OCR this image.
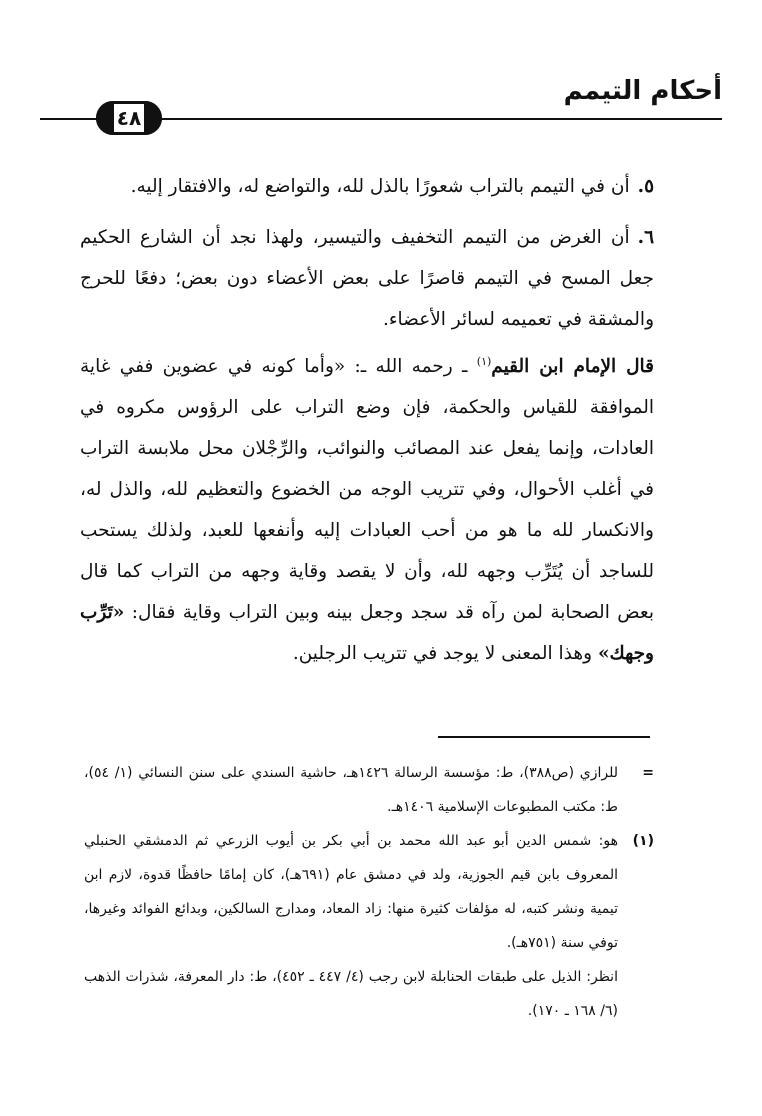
أحكام التيمم
٤٨

٥.أن في التيمم بالتراب شعورًا بالذل لله، والتواضع له، والافتقار إليه.

٦.أن الغرض من التيمم التخفيف والتيسير، ولهذا نجد أن الشارع الحكيم جعل المسح في التيمم قاصرًا على بعض الأعضاء دون بعض؛ دفعًا للحرج والمشقة في تعميمه لسائر الأعضاء.

قال الإمام ابن القيم$^{(١)}$ ـ رحمه الله ـ: «وأما كونه في عضوين ففي غاية الموافقة للقياس والحكمة، فإن وضع التراب على الرؤوس مكروه في العادات، وإنما يفعل عند المصائب والنوائب، والرِّجْلان محل ملابسة التراب في أغلب الأحوال، وفي تتريب الوجه من الخضوع والتعظيم لله، والذل له، والانكسار لله ما هو من أحب العبادات إليه وأنفعها للعبد، ولذلك يستحب للساجد أن يُتَرِّب وجهه لله، وأن لا يقصد وقاية وجهه من التراب كما قال بعض الصحابة لمن رآه قد سجد وجعل بينه وبين التراب وقاية فقال: «تَرِّب وجهك» وهذا المعنى لا يوجد في تتريب الرجلين.

=

للرازي (ص٣٨٨)، ط: مؤسسة الرسالة ١٤٢٦هـ، حاشية السندي على سنن النسائي (١/ ٥٤)، ط: مكتب المطبوعات الإسلامية ١٤٠٦هـ.

(١)

هو: شمس الدين أبو عبد الله محمد بن أبي بكر بن أيوب الزرعي ثم الدمشقي الحنبلي المعروف بابن قيم الجوزية، ولد في دمشق عام (٦٩١هـ)، كان إمامًا حافظًا قدوة، لازم ابن تيمية ونشر كتبه، له مؤلفات كثيرة منها: زاد المعاد، ومدارج السالكين، وبدائع الفوائد وغيرها، توفي سنة (٧٥١هـ).

انظر: الذيل على طبقات الحنابلة لابن رجب (٤/ ٤٤٧ ـ ٤٥٢)، ط: دار المعرفة، شذرات الذهب (٦/ ١٦٨ ـ ١٧٠).
